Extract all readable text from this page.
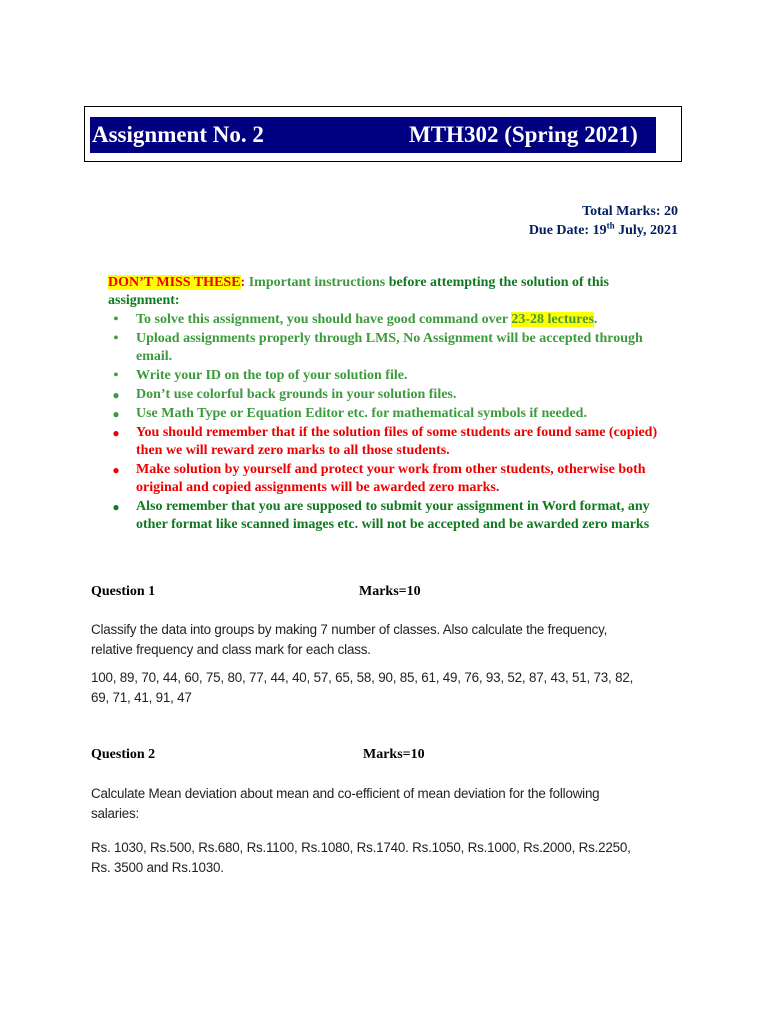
Assignment No. 2	MTH302 (Spring 2021)
Total Marks: 20
Due Date: 19th July, 2021
DON’T MISS THESE: Important instructions before attempting the solution of this assignment:
• To solve this assignment, you should have good command over 23-28 lectures.
• Upload assignments properly through LMS, No Assignment will be accepted through email.
• Write your ID on the top of your solution file.
● Don’t use colorful back grounds in your solution files.
● Use Math Type or Equation Editor etc. for mathematical symbols if needed.
● You should remember that if the solution files of some students are found same (copied) then we will reward zero marks to all those students.
● Make solution by yourself and protect your work from other students, otherwise both original and copied assignments will be awarded zero marks.
● Also remember that you are supposed to submit your assignment in Word format, any other format like scanned images etc. will not be accepted and be awarded zero marks
Question 1	Marks=10
Classify the data into groups by making 7 number of classes. Also calculate the frequency, relative frequency and class mark for each class.
100, 89, 70, 44, 60, 75, 80, 77, 44, 40, 57, 65, 58, 90, 85, 61, 49, 76, 93, 52, 87, 43, 51, 73, 82, 69, 71, 41, 91, 47
Question 2	Marks=10
Calculate Mean deviation about mean and co-efficient of mean deviation for the following salaries:
Rs. 1030, Rs.500, Rs.680, Rs.1100, Rs.1080, Rs.1740. Rs.1050, Rs.1000, Rs.2000, Rs.2250, Rs. 3500 and Rs.1030.
